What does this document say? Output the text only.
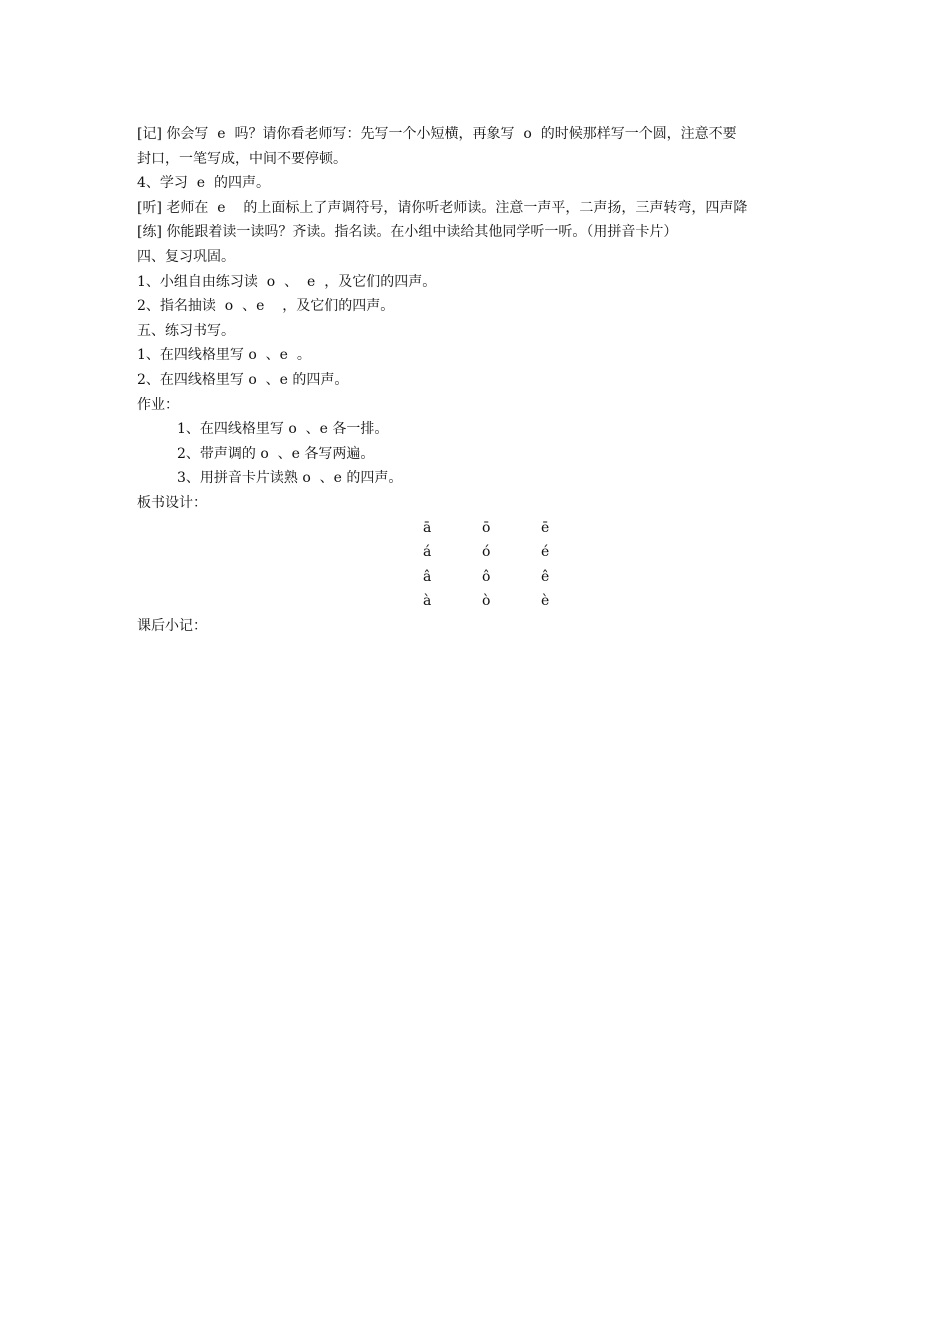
[记] 你会写  e  吗？请你看老师写：先写一个小短横，再象写  o  的时候那样写一个圆，注意不要

封口，一笔写成，中间不要停顿。

4、学习  e  的四声。

[听] 老师在  e    的上面标上了声调符号，请你听老师读。注意一声平，二声扬，三声转弯，四声降

[练] 你能跟着读一读吗？齐读。指名读。在小组中读给其他同学听一听。（用拼音卡片）

四、复习巩固。

1、小组自由练习读  o  、  e  ，及它们的四声。

2、指名抽读  o  、e    ，及它们的四声。

五、练习书写。

1、在四线格里写 o  、e  。

2、在四线格里写 o  、e 的四声。

作业：

1、在四线格里写 o  、e 各一排。

2、带声调的 o  、e 各写两遍。

3、用拼音卡片读熟 o  、e 的四声。

板书设计：

ā	ō	ē
á	ó	é
â	ô	ê
à	ò	è

课后小记：
